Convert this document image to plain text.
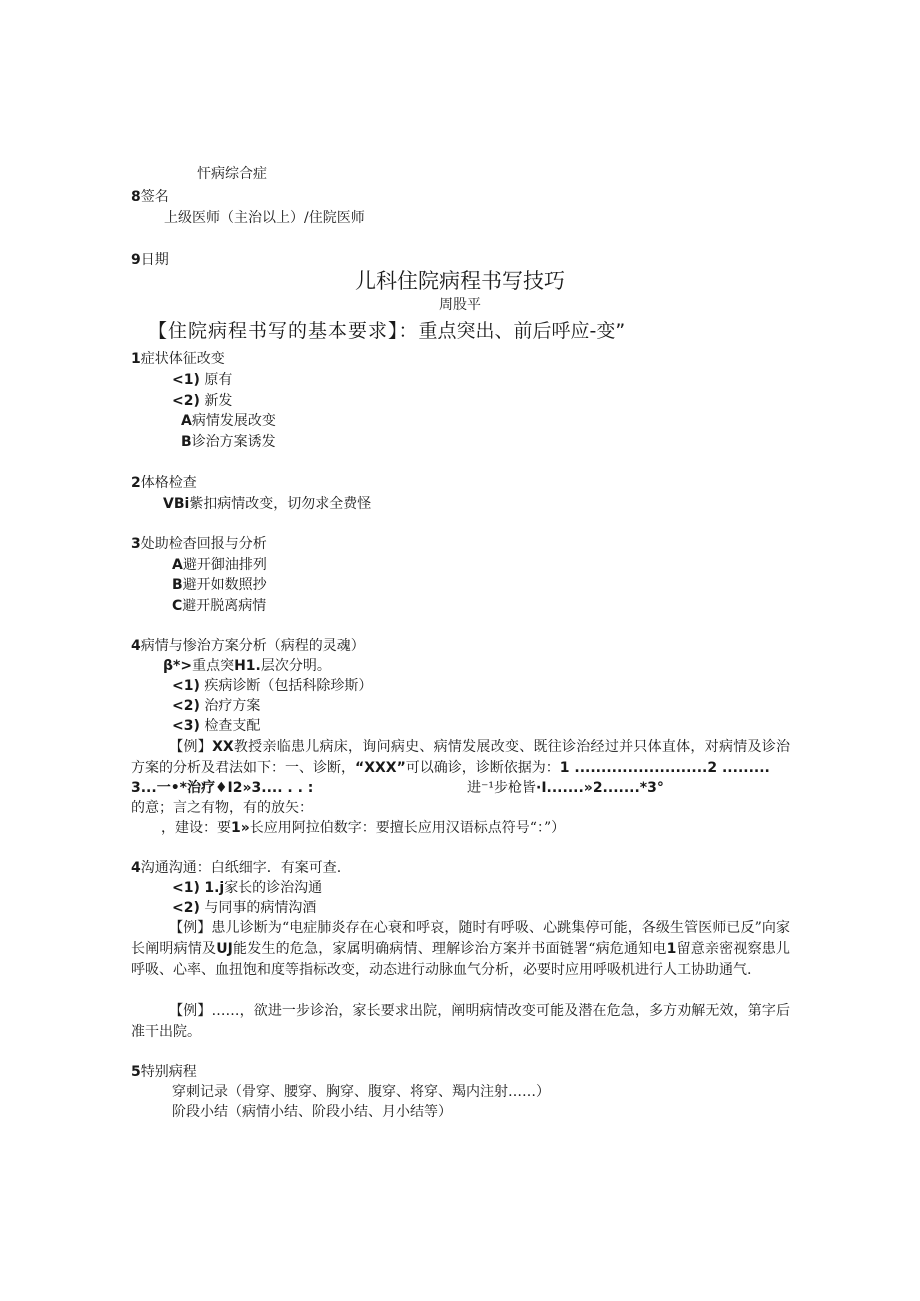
忓病综合症
8签名
上级医师（主治以上）/住院医师
9日期
儿科住院病程书写技巧
周股平
【住院病程书写的基本要求】：重点突出、前后呼应-变”
1症状体征改变
<1) 原有
<2) 新发
A病情发展改变
B诊治方案诱发
2体格检查
VBi紫扣病情改变，切勿求全费怪
3处助检杳回报与分析
A避开御油排列
B避开如数照抄
C避开脱离病情
4病情与惨治方案分析（病程的灵魂）
β*>重点突H1.层次分明。
<1) 疾病诊断（包括科除珍斯）
<2) 治疗方案
<3) 检查支配
【例】XX教授亲临患儿病床，询问病史、病情发展改变、既往诊治经过并只体直体，对病情及诊治方案的分析及君法如下：一、诊断，“XXX”可以确诊，诊断依据为：1 .........................2 .........
3...一•*治疗♦I2»3.... . . :	进⁻¹步枪皆·I.......»2.......*3°
的意；言之有物，有的放矢：
，建设：要1»长应用阿拉伯数字：要擅长应用汉语标点符号“：”）
4沟通沟通：白纸细字．有案可查.
<1) 1.j家长的诊治沟通
<2) 与同事的病情沟酒
【例】患儿诊断为“电症肺炎存在心衰和呼哀，随时有呼吸、心跳集停可能，各级生管医师已反”向家长阐明病情及UJ能发生的危急，家属明确病情、理解诊治方案并书面链署“病危通知电1留意亲密视察患儿呼吸、心率、血扭饱和度等指标改变，动态进行动脉血气分析，必要时应用呼吸机进行人工协助通气.
【例】……，欲进一步诊治，家长要求出院，阐明病情改变可能及潜在危急，多方劝解无效，第字后准干出院。
5特别病程
穿刺记录（骨穿、腰穿、胸穿、腹穿、将穿、羯内注射……）
阶段小结（病情小结、阶段小结、月小结等）
